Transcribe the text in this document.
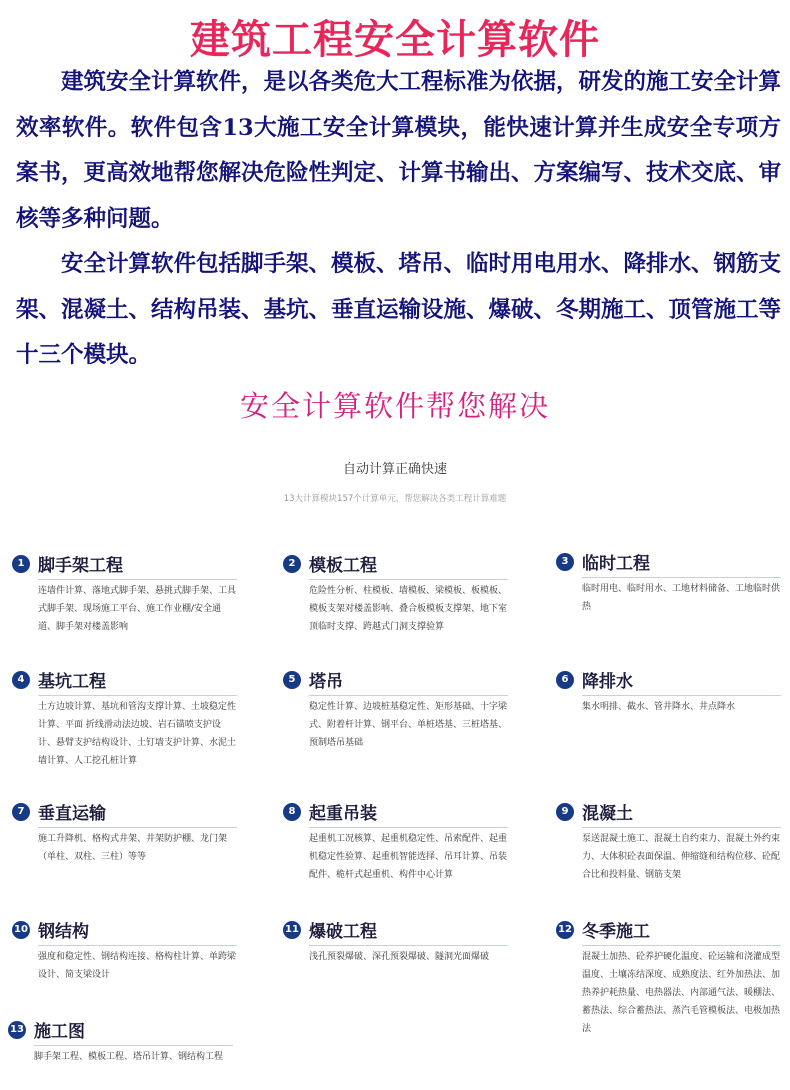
建筑工程安全计算软件

建筑安全计算软件，是以各类危大工程标准为依据，研发的施工安全计算效率软件。软件包含13大施工安全计算模块，能快速计算并生成安全专项方案书，更高效地帮您解决危险性判定、计算书输出、方案编写、技术交底、审核等多种问题。

安全计算软件包括脚手架、模板、塔吊、临时用电用水、降排水、钢筋支架、混凝土、结构吊装、基坑、垂直运输设施、爆破、冬期施工、顶管施工等十三个模块。

安全计算软件帮您解决
自动计算正确快速
13大计算模块157个计算单元，帮您解决各类工程计算难题
1 脚手架工程
连墙件计算、落地式脚手架、悬挑式脚手架、工具式脚手架、现场施工平台、施工作业棚/安全通道、脚手架对楼盖影响
2 模板工程
危险性分析、柱模板、墙模板、梁模板、板模板、模板支架对楼盖影响、叠合板模板支撑架、地下室顶临时支撑、跨越式门洞支撑验算
3 临时工程
临时用电、临时用水、工地材料储备、工地临时供热
4 基坑工程
土方边坡计算、基坑和管沟支撑计算、土坡稳定性计算、平面 折线滑动法边坡、岩石锚喷支护设计、悬臂支护结构设计、土钉墙支护计算、水泥土墙计算、人工挖孔桩计算
5 塔吊
稳定性计算、边坡桩基稳定性、矩形基础、十字梁式、附着杆计算、钢平台、单桩塔基、三桩塔基、预制塔吊基础
6 降排水
集水明排、截水、管井降水、井点降水
7 垂直运输
施工升降机、格构式井架、井架防护棚、龙门架（单柱、双柱、三柱）等等
8 起重吊装
起重机工况核算、起重机稳定性、吊索配件、起重机稳定性验算、起重机智能选择、吊耳计算、吊装配件、桅杆式起重机、构件中心计算
9 混凝土
泵送混凝土施工、混凝土自约束力、混凝土外约束力、大体积砼表面保温、伸缩缝和结构位移、砼配合比和投料量、钢筋支架
10 钢结构
强度和稳定性、钢结构连接、格构柱计算、单跨梁设计、简支梁设计
11 爆破工程
浅孔预裂爆破、深孔预裂爆破、隧洞光面爆破
12 冬季施工
混凝土加热、砼养护硬化温度、砼运输和浇灌成型温度、土壤冻结深度、成熟度法、红外加热法、加热养护耗热量、电热器法、内部通气法、暖棚法、蓄热法、综合蓄热法、蒸汽毛管模板法、电极加热法
13 施工图
脚手架工程、模板工程、塔吊计算、钢结构工程
